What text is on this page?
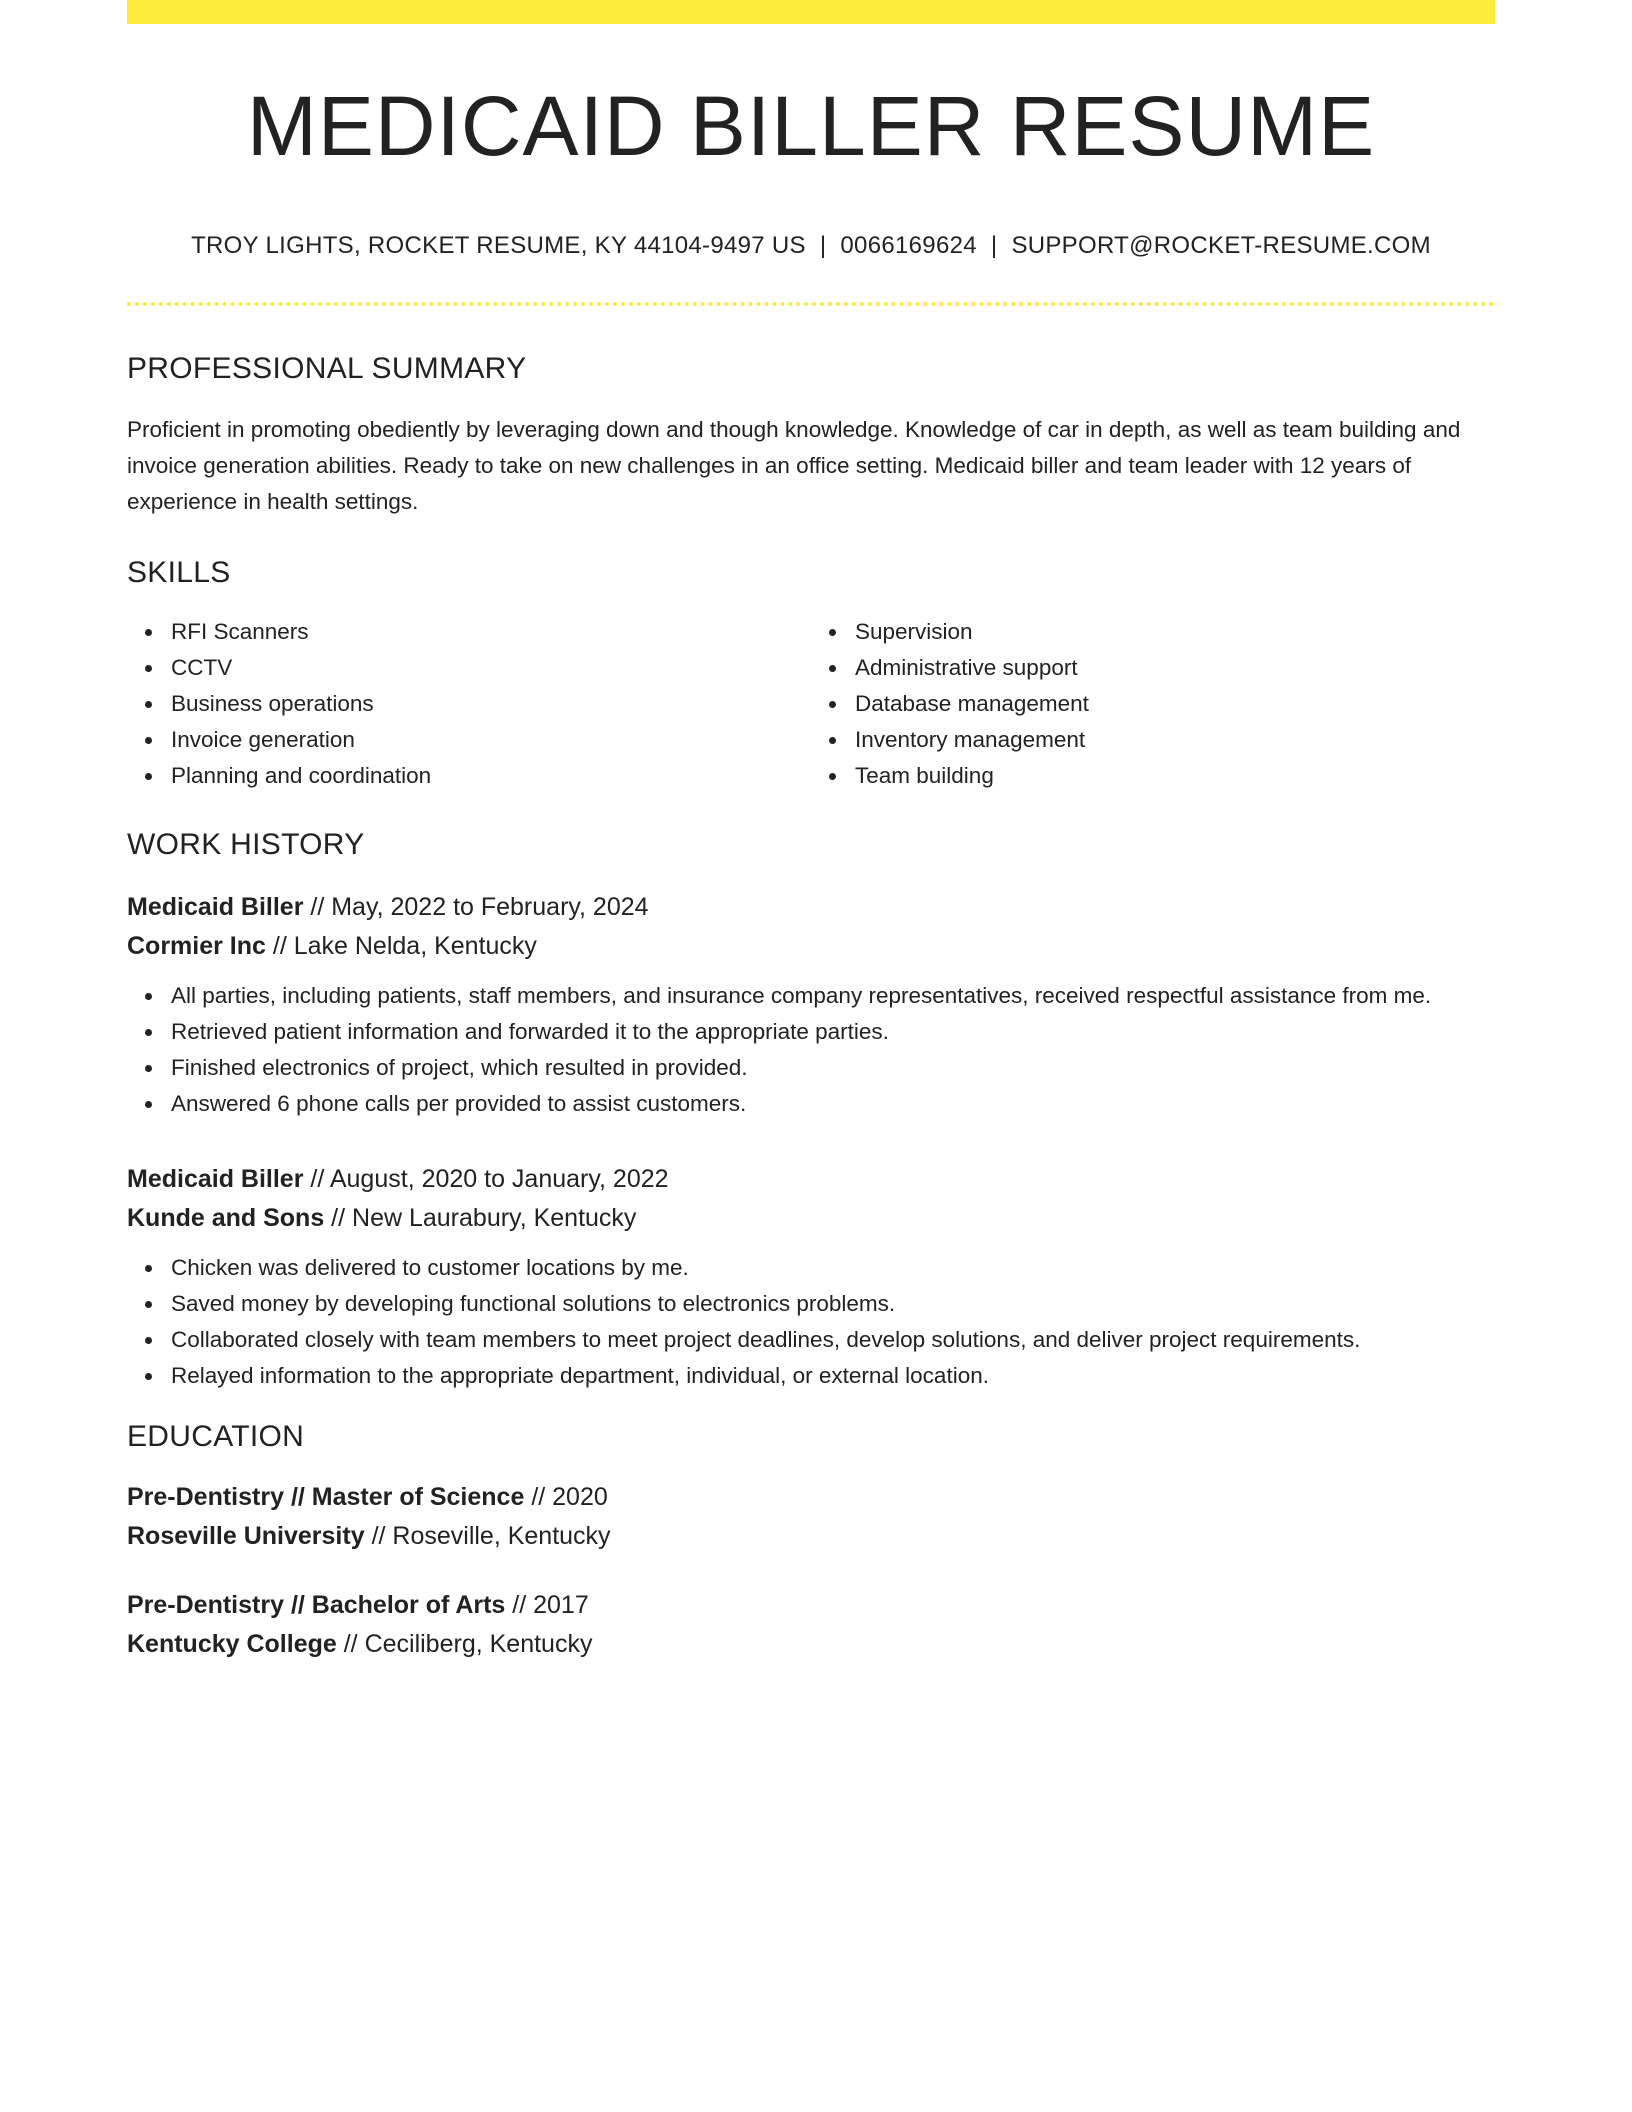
MEDICAID BILLER RESUME
TROY LIGHTS, ROCKET RESUME, KY 44104-9497 US | 0066169624 | SUPPORT@ROCKET-RESUME.COM
PROFESSIONAL SUMMARY

Proficient in promoting obediently by leveraging down and though knowledge. Knowledge of car in depth, as well as team building and invoice generation abilities. Ready to take on new challenges in an office setting. Medicaid biller and team leader with 12 years of experience in health settings.

SKILLS
RFI Scanners
CCTV
Business operations
Invoice generation
Planning and coordination
Supervision
Administrative support
Database management
Inventory management
Team building
WORK HISTORY
Medicaid Biller // May, 2022 to February, 2024
Cormier Inc // Lake Nelda, Kentucky
All parties, including patients, staff members, and insurance company representatives, received respectful assistance from me.
Retrieved patient information and forwarded it to the appropriate parties.
Finished electronics of project, which resulted in provided.
Answered 6 phone calls per provided to assist customers.
Medicaid Biller // August, 2020 to January, 2022
Kunde and Sons // New Laurabury, Kentucky
Chicken was delivered to customer locations by me.
Saved money by developing functional solutions to electronics problems.
Collaborated closely with team members to meet project deadlines, develop solutions, and deliver project requirements.
Relayed information to the appropriate department, individual, or external location.
EDUCATION
Pre-Dentistry // Master of Science // 2020
Roseville University // Roseville, Kentucky
Pre-Dentistry // Bachelor of Arts // 2017
Kentucky College // Ceciliberg, Kentucky
